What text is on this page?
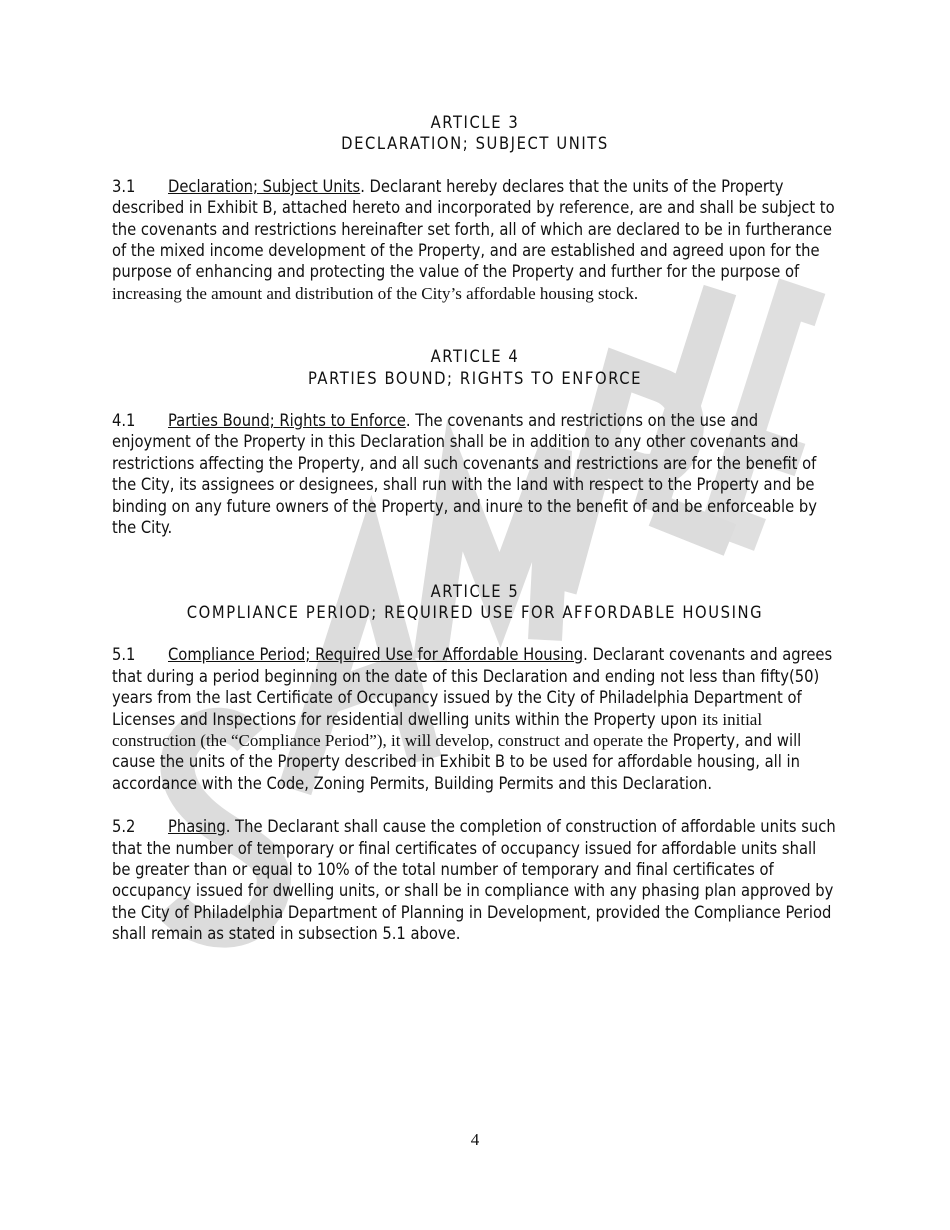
ARTICLE 3
DECLARATION; SUBJECT UNITS

3.1 Declaration; Subject Units. Declarant hereby declares that the units of the Property described in Exhibit B, attached hereto and incorporated by reference, are and shall be subject to the covenants and restrictions hereinafter set forth, all of which are declared to be in furtherance of the mixed income development of the Property, and are established and agreed upon for the purpose of enhancing and protecting the value of the Property and further for the purpose of increasing the amount and distribution of the City’s affordable housing stock.

ARTICLE 4
PARTIES BOUND; RIGHTS TO ENFORCE

4.1 Parties Bound; Rights to Enforce. The covenants and restrictions on the use and enjoyment of the Property in this Declaration shall be in addition to any other covenants and restrictions affecting the Property, and all such covenants and restrictions are for the benefit of the City, its assignees or designees, shall run with the land with respect to the Property and be binding on any future owners of the Property, and inure to the benefit of and be enforceable by the City.

ARTICLE 5
COMPLIANCE PERIOD; REQUIRED USE FOR AFFORDABLE HOUSING

5.1 Compliance Period; Required Use for Affordable Housing. Declarant covenants and agrees that during a period beginning on the date of this Declaration and ending not less than fifty(50) years from the last Certificate of Occupancy issued by the City of Philadelphia Department of Licenses and Inspections for residential dwelling units within the Property upon its initial construction (the “Compliance Period”), it will develop, construct and operate the Property, and will cause the units of the Property described in Exhibit B to be used for affordable housing, all in accordance with the Code, Zoning Permits, Building Permits and this Declaration.

5.2 Phasing. The Declarant shall cause the completion of construction of affordable units such that the number of temporary or final certificates of occupancy issued for affordable units shall be greater than or equal to 10% of the total number of temporary and final certificates of occupancy issued for dwelling units, or shall be in compliance with any phasing plan approved by the City of Philadelphia Department of Planning in Development, provided the Compliance Period shall remain as stated in subsection 5.1 above.

4
